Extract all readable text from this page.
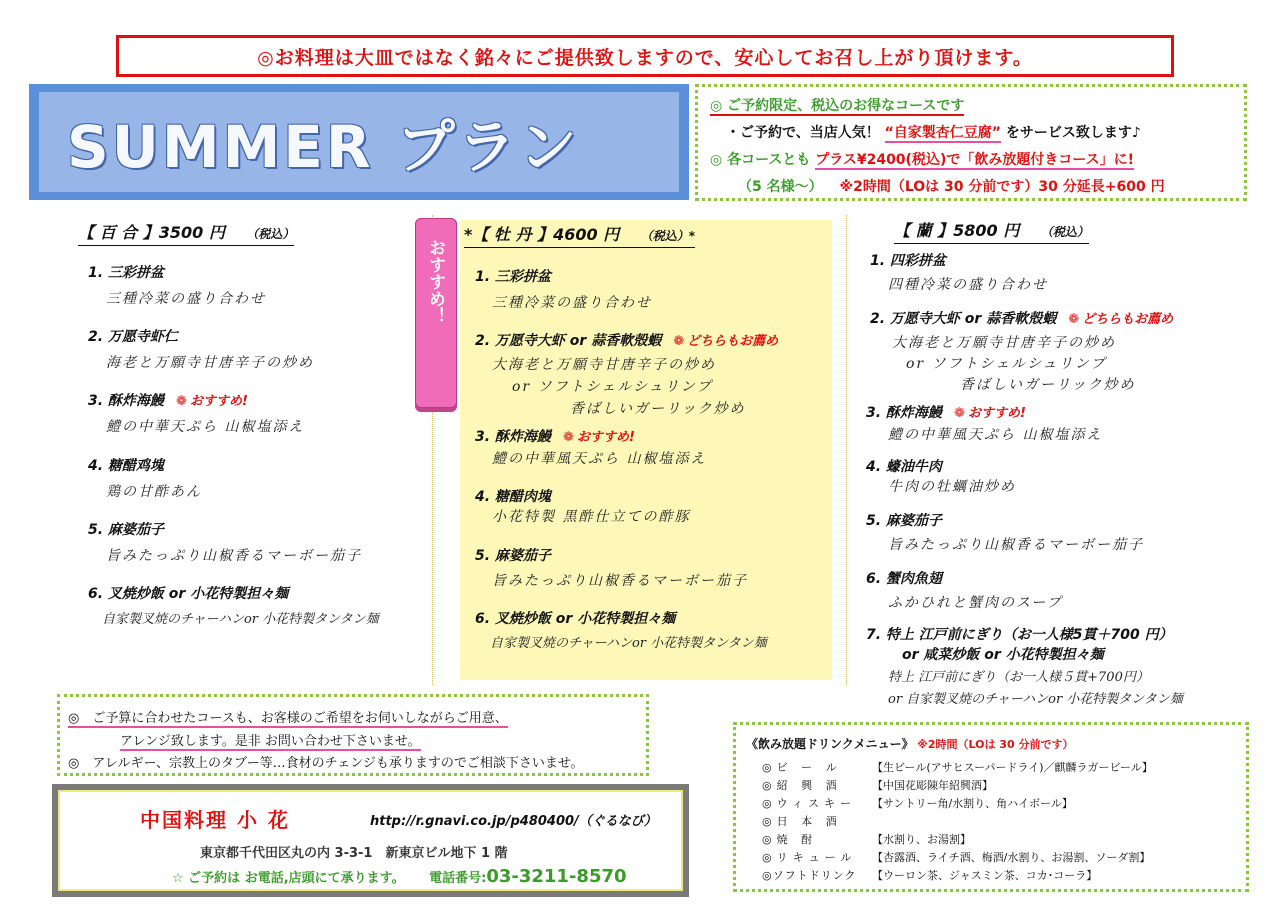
◎お料理は大皿ではなく銘々にご提供致しますので、安心してお召し上がり頂けます。
SUMMER プラン
◎ ご予約限定、税込のお得なコースです
・ご予約で、当店人気！ “自家製杏仁豆腐” をサービス致します♪
◎ 各コースとも プラス¥2400(税込)で「飲み放題付きコース」に!
（5 名様～） ※2時間（LOは 30 分前です）30 分延長+600 円
おすすめ！
【 百 合 】3500 円 （税込）
1. 三彩拼盆
三種冷菜の盛り合わせ
2. 万愿寺虾仁
海老と万願寺甘唐辛子の炒め
3. 酥炸海鰻 ❁ おすすめ!
鱧の中華天ぷら 山椒塩添え
4. 糖醋鸡塊
鶏の甘酢あん
5. 麻婆茄子
旨みたっぷり山椒香るマーボー茄子
6. 叉焼炒飯 or 小花特製担々麺
自家製叉焼のチャーハンor 小花特製タンタン麺
*【 牡 丹 】4600 円 （税込）*
1. 三彩拼盆
三種冷菜の盛り合わせ
2. 万愿寺大虾 or 蒜香軟殻蝦 ❁ どちらもお薦め
大海老と万願寺甘唐辛子の炒め
or ソフトシェルシュリンプ
香ばしいガーリック炒め
3. 酥炸海鰻 ❁ おすすめ!
鱧の中華風天ぷら 山椒塩添え
4. 糖醋肉塊
小花特製 黒酢仕立ての酢豚
5. 麻婆茄子
旨みたっぷり山椒香るマーボー茄子
6. 叉焼炒飯 or 小花特製担々麺
自家製叉焼のチャーハンor 小花特製タンタン麺
【 蘭 】5800 円 （税込）
1. 四彩拼盆
四種冷菜の盛り合わせ
2. 万愿寺大虾 or 蒜香軟殻蝦 ❁ どちらもお薦め
大海老と万願寺甘唐辛子の炒め
or ソフトシェルシュリンプ
香ばしいガーリック炒め
3. 酥炸海鰻 ❁ おすすめ!
鱧の中華風天ぷら 山椒塩添え
4. 蠔油牛肉
牛肉の牡蠣油炒め
5. 麻婆茄子
旨みたっぷり山椒香るマーボー茄子
6. 蟹肉魚翅
ふかひれと蟹肉のスープ
7. 特上 江戸前にぎり（お一人様5貫＋700 円）
or 咸菜炒飯 or 小花特製担々麺
特上 江戸前にぎり（お一人様５貫+700円）
or 自家製叉焼のチャーハンor 小花特製タンタン麺
◎　ご予算に合わせたコースも、お客様のご希望をお伺いしながらご用意、
アレンジ致します。是非 お問い合わせ下さいませ。
◎　アレルギー、宗教上のタブー等…食材のチェンジも承りますのでご相談下さいませ。
中国料理 小 花	http://r.gnavi.co.jp/p480400/（ぐるなび）
東京都千代田区丸の内 3-3-1　新東京ビル地下 1 階
☆ ご予約は お電話,店頭にて承ります。 電話番号:03-3211-8570
《飲み放題ドリンクメニュー》 ※2時間（LOは 30 分前です）
◎ビ ー ル	【生ビール(アサヒスーパードライ)／麒麟ラガービール】
◎紹 興 酒	【中国花彫陳年紹興酒】
◎ウィスキー 【サントリー角/水割り、角ハイボール】
◎日 本 酒
◎焼 酎	【水割り、お湯割】
◎リキュール 【杏露酒、ライチ酒、梅酒/水割り、お湯割、ソーダ割】
◎ソフトドリンク 【ウーロン茶、ジャスミン茶、コカ･コーラ】
